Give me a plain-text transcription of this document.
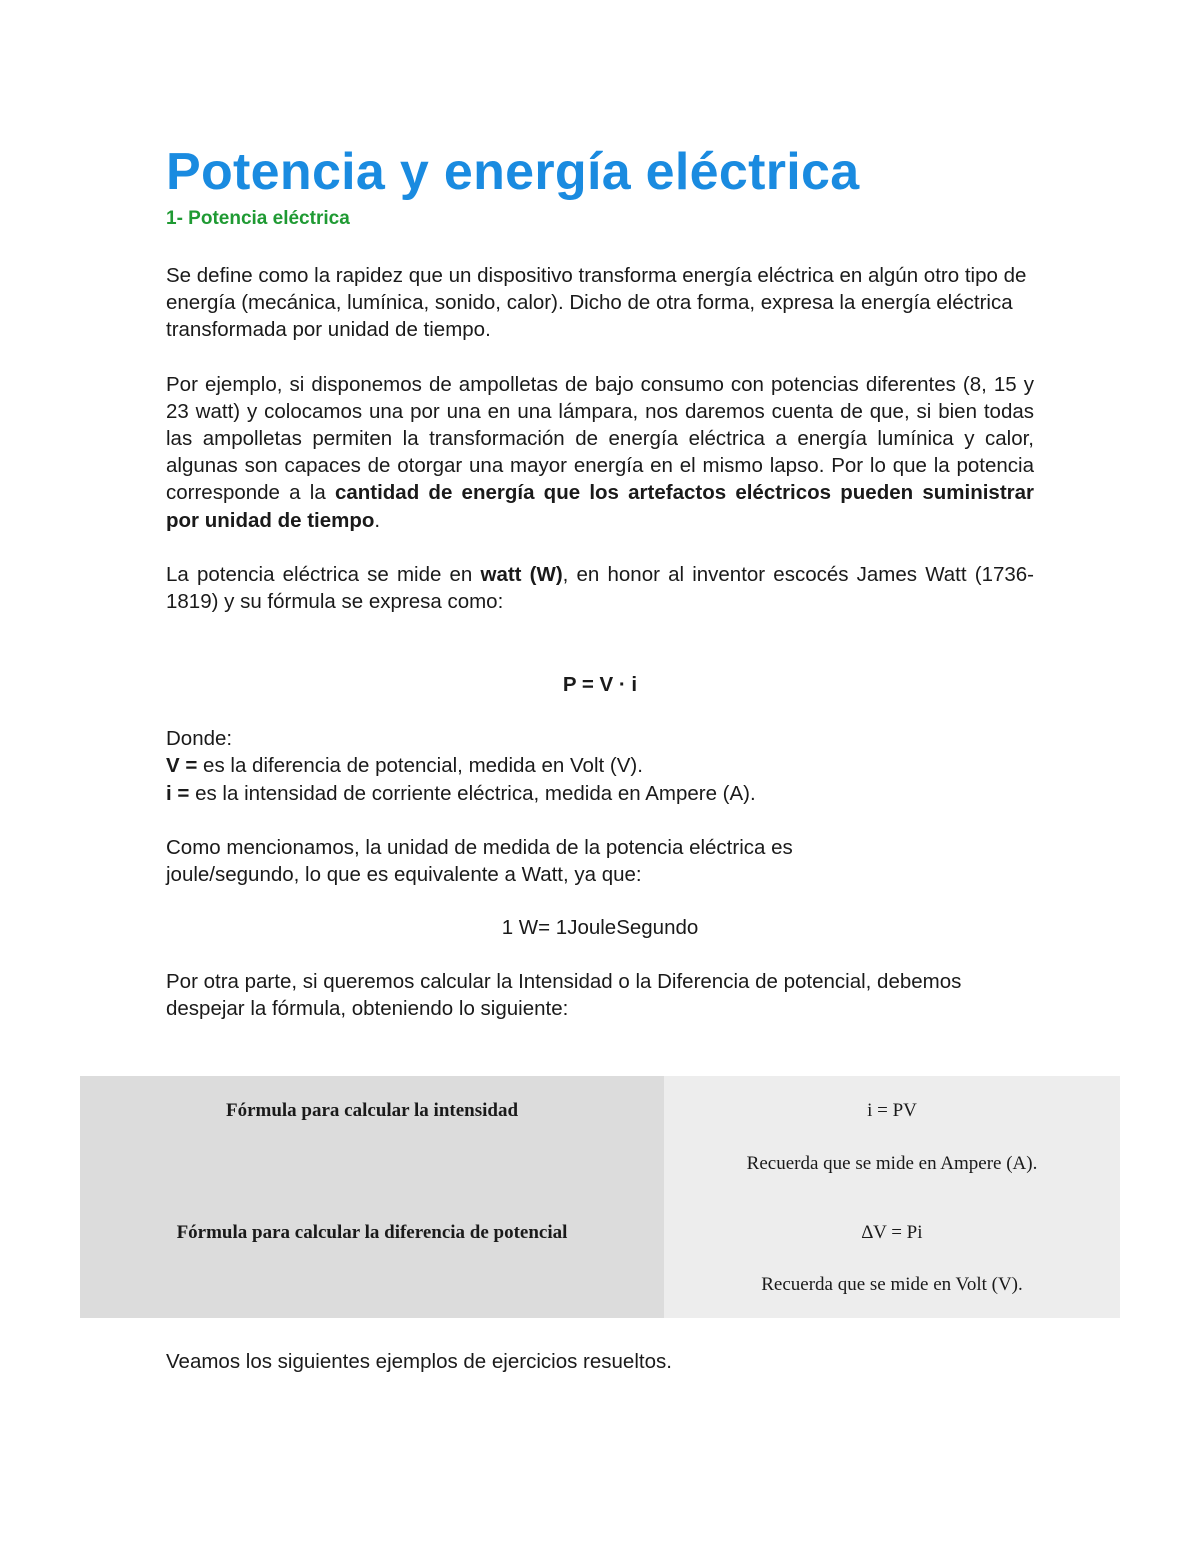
Potencia y energía eléctrica
1- Potencia eléctrica

Se define como la rapidez que un dispositivo transforma energía eléctrica en algún otro tipo de energía (mecánica, lumínica, sonido, calor). Dicho de otra forma, expresa la energía eléctrica transformada por unidad de tiempo.

Por ejemplo, si disponemos de ampolletas de bajo consumo con potencias diferentes (8, 15 y 23 watt) y colocamos una por una en una lámpara, nos daremos cuenta de que, si bien todas las ampolletas permiten la transformación de energía eléctrica a energía lumínica y calor, algunas son capaces de otorgar una mayor energía en el mismo lapso. Por lo que la potencia corresponde a la cantidad de energía que los artefactos eléctricos pueden suministrar por unidad de tiempo.

La potencia eléctrica se mide en watt (W), en honor al inventor escocés James Watt (1736-1819) y su fórmula se expresa como:

P = V · i

Donde:

V = es la diferencia de potencial, medida en Volt (V).

i = es la intensidad de corriente eléctrica, medida en Ampere (A).

Como mencionamos, la unidad de medida de la potencia eléctrica es joule/segundo, lo que es equivalente a Watt, ya que:

1 W= 1JouleSegundo

Por otra parte, si queremos calcular la Intensidad o la Diferencia de potencial, debemos despejar la fórmula, obteniendo lo siguiente:

Fórmula para calcular la intensidad
Fórmula para calcular la diferencia de potencial
i = PV
Recuerda que se mide en Ampere (A).
∆V = Pi
Recuerda que se mide en Volt (V).

Veamos los siguientes ejemplos de ejercicios resueltos.
